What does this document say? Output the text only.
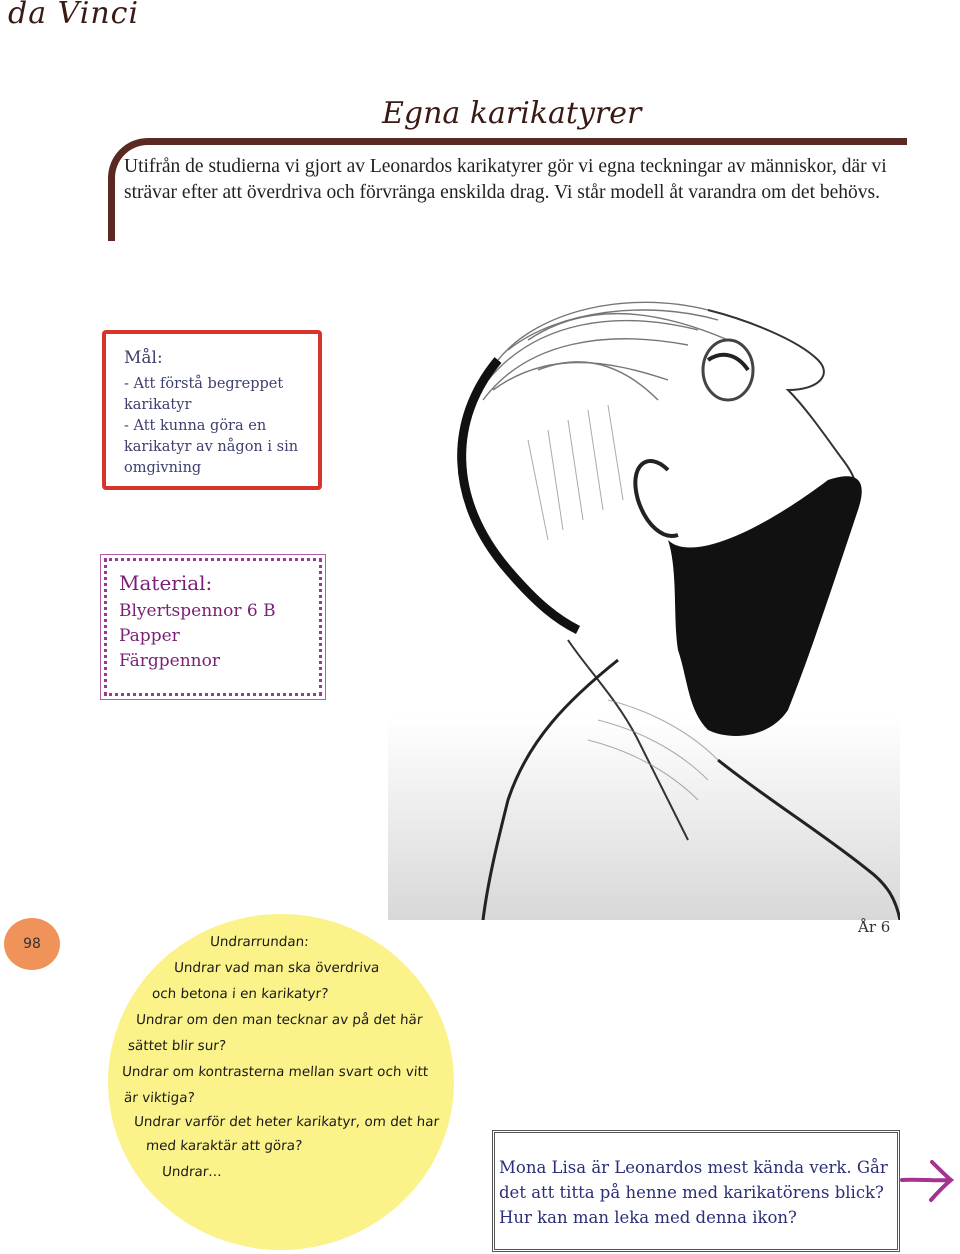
da Vinci
Egna karikatyrer
Utifrån de studierna vi gjort av Leonardos karikatyrer gör vi egna teckningar av människor, där vi strävar efter att överdriva och förvränga enskilda drag. Vi står modell åt varandra om det behövs.
Mål:
- Att förstå begreppet karikatyr
- Att kunna göra en karikatyr av någon i sin omgivning
Material:
Blyertspennor 6 B
Papper
Färgpennor
98
År 6
Undrarrundan:
Undrar vad man ska överdriva
och betona i en karikatyr?
Undrar om den man tecknar av på det här
sättet blir sur?
Undrar om kontrasterna mellan svart och vitt
är viktiga?
Undrar varför det heter karikatyr, om det har
med karaktär att göra?
Undrar…	Mona Lisa är Leonardos mest kända verk. Går det att titta på henne med karikatörens blick? Hur kan man leka med denna ikon?
